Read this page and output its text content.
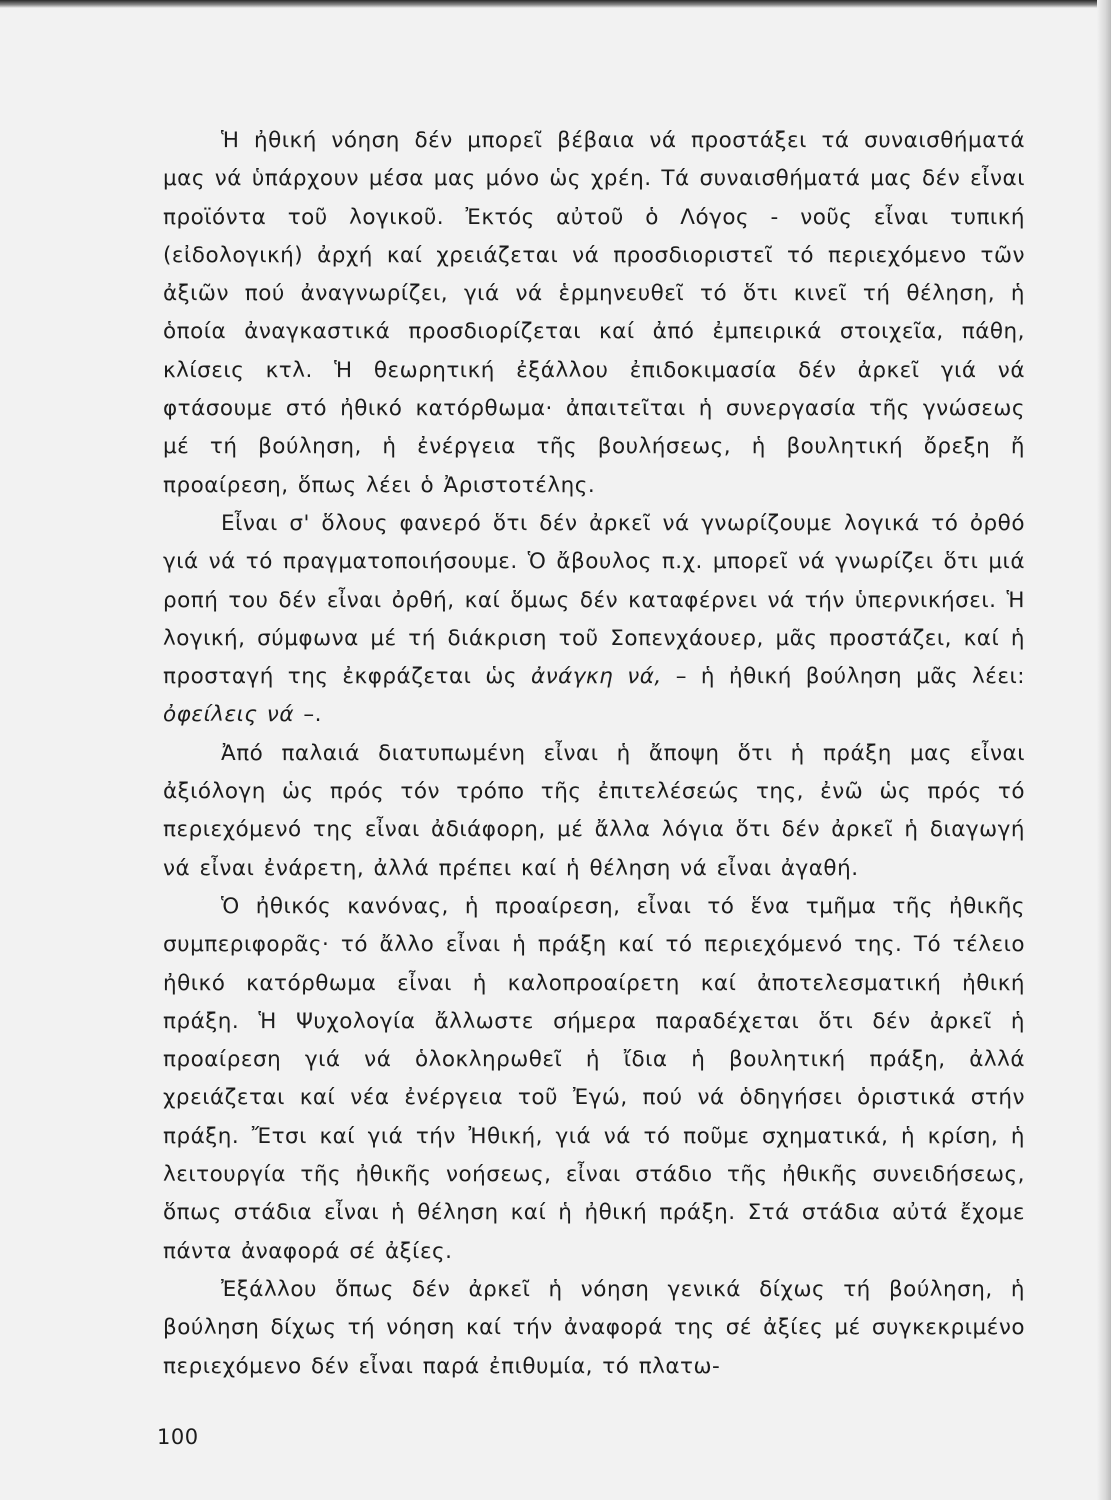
Ἡ ἠθική νόηση δέν μπορεῖ βέβαια νά προστάξει τά συναισθήματά μας νά ὑπάρχουν μέσα μας μόνο ὡς χρέη. Τά συναισθήματά μας δέν εἶναι προϊόντα τοῦ λογικοῦ. Ἐκτός αὐτοῦ ὁ Λόγος - νοῦς εἶναι τυπική (εἰδολογική) ἀρχή καί χρειάζεται νά προσδιοριστεῖ τό περιεχόμενο τῶν ἀξιῶν πού ἀναγνωρίζει, γιά νά ἑρμηνευθεῖ τό ὅτι κινεῖ τή θέληση, ἡ ὁποία ἀναγκαστικά προσδιορίζεται καί ἀπό ἐμπειρικά στοιχεῖα, πάθη, κλίσεις κτλ. Ἡ θεωρητική ἐξάλλου ἐπιδοκιμασία δέν ἀρκεῖ γιά νά φτάσουμε στό ἠθικό κατόρθωμα· ἀπαιτεῖται ἡ συνεργασία τῆς γνώσεως μέ τή βούληση, ἡ ἐνέργεια τῆς βουλήσεως, ἡ βουλητική ὄρεξη ἤ προαίρεση, ὅπως λέει ὁ Ἀριστοτέλης.

Εἶναι σ' ὅλους φανερό ὅτι δέν ἀρκεῖ νά γνωρίζουμε λογικά τό ὀρθό γιά νά τό πραγματοποιήσουμε. Ὁ ἄβουλος π.χ. μπορεῖ νά γνωρίζει ὅτι μιά ροπή του δέν εἶναι ὀρθή, καί ὅμως δέν καταφέρνει νά τήν ὑπερνικήσει. Ἡ λογική, σύμφωνα μέ τή διάκριση τοῦ Σοπενχάουερ, μᾶς προστάζει, καί ἡ προσταγή της ἐκφράζεται ὡς ἀνάγκη νά, – ἡ ἠθική βούληση μᾶς λέει: ὀφείλεις νά –.

Ἀπό παλαιά διατυπωμένη εἶναι ἡ ἄποψη ὅτι ἡ πράξη μας εἶναι ἀξιόλογη ὡς πρός τόν τρόπο τῆς ἐπιτελέσεώς της, ἐνῶ ὡς πρός τό περιεχόμενό της εἶναι ἀδιάφορη, μέ ἄλλα λόγια ὅτι δέν ἀρκεῖ ἡ διαγωγή νά εἶναι ἐνάρετη, ἀλλά πρέπει καί ἡ θέληση νά εἶναι ἀγαθή.

Ὁ ἠθικός κανόνας, ἡ προαίρεση, εἶναι τό ἕνα τμῆμα τῆς ἠθικῆς συμπεριφορᾶς· τό ἄλλο εἶναι ἡ πράξη καί τό περιεχόμενό της. Τό τέλειο ἠθικό κατόρθωμα εἶναι ἡ καλοπροαίρετη καί ἀποτελεσματική ἠθική πράξη. Ἡ Ψυχολογία ἄλλωστε σήμερα παραδέχεται ὅτι δέν ἀρκεῖ ἡ προαίρεση γιά νά ὁλοκληρωθεῖ ἡ ἴδια ἡ βουλητική πράξη, ἀλλά χρειάζεται καί νέα ἐνέργεια τοῦ Ἐγώ, πού νά ὁδηγήσει ὁριστικά στήν πράξη. Ἔτσι καί γιά τήν Ἠθική, γιά νά τό ποῦμε σχηματικά, ἡ κρίση, ἡ λειτουργία τῆς ἠθικῆς νοήσεως, εἶναι στάδιο τῆς ἠθικῆς συνειδήσεως, ὅπως στάδια εἶναι ἡ θέληση καί ἡ ἠθική πράξη. Στά στάδια αὐτά ἔχομε πάντα ἀναφορά σέ ἀξίες.

Ἐξάλλου ὅπως δέν ἀρκεῖ ἡ νόηση γενικά δίχως τή βούληση, ἡ βούληση δίχως τή νόηση καί τήν ἀναφορά της σέ ἀξίες μέ συγκεκριμένο περιεχόμενο δέν εἶναι παρά ἐπιθυμία, τό πλατω-

100
